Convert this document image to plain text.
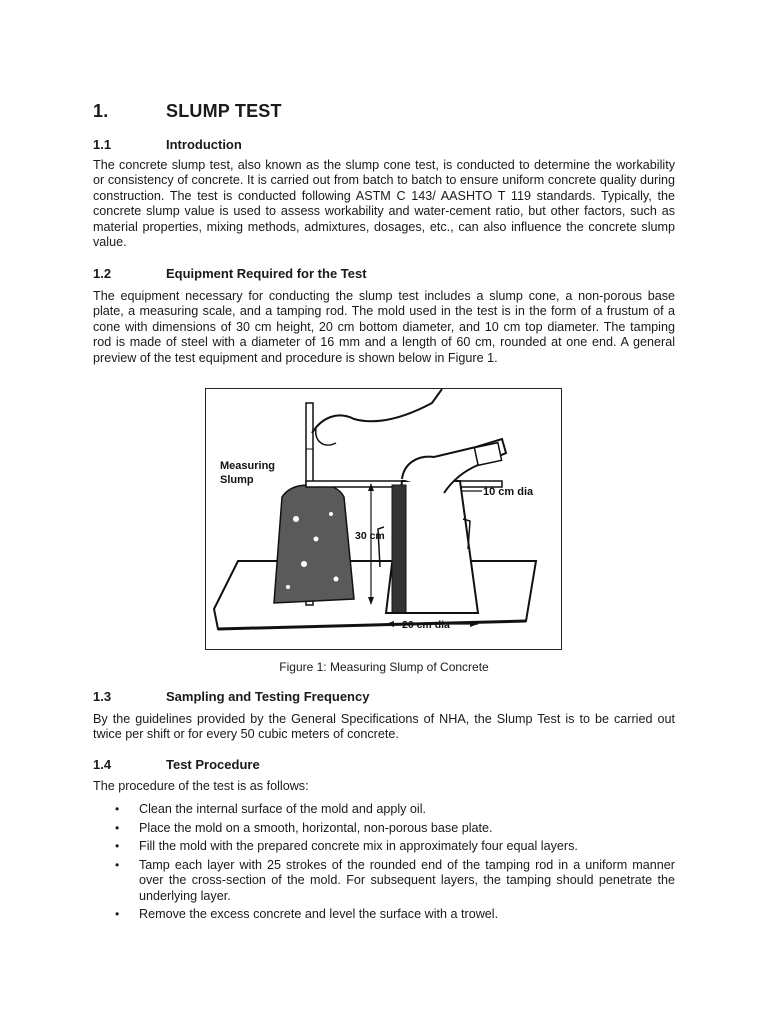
1.	SLUMP TEST
1.1	Introduction
The concrete slump test, also known as the slump cone test, is conducted to determine the workability or consistency of concrete. It is carried out from batch to batch to ensure uniform concrete quality during construction. The test is conducted following ASTM C 143/ AASHTO T 119 standards. Typically, the concrete slump value is used to assess workability and water-cement ratio, but other factors, such as material properties, mixing methods, admixtures, dosages, etc., can also influence the concrete slump value.
1.2	Equipment Required for the Test
The equipment necessary for conducting the slump test includes a slump cone, a non-porous base plate, a measuring scale, and a tamping rod. The mold used in the test is in the form of a frustum of a cone with dimensions of 30 cm height, 20 cm bottom diameter, and 10 cm top diameter. The tamping rod is made of steel with a diameter of 16 mm and a length of 60 cm, rounded at one end. A general preview of the test equipment and procedure is shown below in Figure 1.
Measuring
Slump
10 cm dia
30 cm
20 cm dia
Figure 1: Measuring Slump of Concrete
1.3	Sampling and Testing Frequency
By the guidelines provided by the General Specifications of NHA, the Slump Test is to be carried out twice per shift or for every 50 cubic meters of concrete.
1.4	Test Procedure
The procedure of the test is as follows:
• Clean the internal surface of the mold and apply oil.
• Place the mold on a smooth, horizontal, non-porous base plate.
• Fill the mold with the prepared concrete mix in approximately four equal layers.
• Tamp each layer with 25 strokes of the rounded end of the tamping rod in a uniform manner over the cross-section of the mold. For subsequent layers, the tamping should penetrate the underlying layer.
• Remove the excess concrete and level the surface with a trowel.
